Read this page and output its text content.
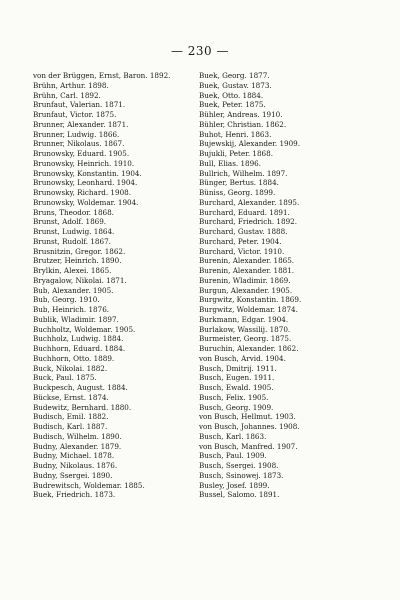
— 230 —
von der Brüggen, Ernst, Baron. 1892.
Brühn, Arthur. 1898.
Brühn, Carl. 1892.
Brunfaut, Valerian. 1871.
Brunfaut, Victor. 1875.
Brunner, Alexander. 1871.
Brunner, Ludwig. 1866.
Brunner, Nikolaus. 1867.
Brunowsky, Eduard. 1905.
Brunowsky, Heinrich. 1910.
Brunowsky, Konstantin. 1904.
Brunowsky, Leonhard. 1904.
Brunowsky, Richard. 1908.
Brunowsky, Woldemar. 1904.
Bruns, Theodor. 1868.
Brunst, Adolf. 1869.
Brunst, Ludwig. 1864.
Brunst, Rudolf. 1867.
Brusnitzin, Gregor. 1862.
Brutzer, Heinrich. 1890.
Brylkin, Alexei. 1865.
Bryagalow, Nikolai. 1871.
Bub, Alexander. 1905.
Bub, Georg. 1910.
Bub, Heinrich. 1876.
Bublik, Wladimir. 1897.
Buchholtz, Woldemar. 1905.
Buchholz, Ludwig. 1884.
Buchhorn, Eduard. 1884.
Buchhorn, Otto. 1889.
Buck, Nikolai. 1882.
Buck, Paul. 1875.
Buckpesch, August. 1884.
Bückse, Ernst. 1874.
Budewitz, Bernhard. 1880.
Budisch, Emil. 1882.
Budisch, Karl. 1887.
Budisch, Wilhelm. 1890.
Budny, Alexander. 1879.
Budny, Michael. 1878.
Budny, Nikolaus. 1876.
Budny, Ssergei. 1890.
Budrewitsch, Woldemar. 1885.
Buek, Friedrich. 1873.
Buek, Georg. 1877.
Buek, Gustav. 1873.
Buek, Otto. 1884.
Buek, Peter. 1875.
Bühler, Andreas. 1910.
Bühler, Christian. 1862.
Buhot, Henri. 1863.
Bujewskij, Alexander. 1909.
Bujukli, Peter. 1868.
Bull, Elias. 1896.
Bullrich, Wilhelm. 1897.
Bünger, Bertus. 1884.
Büniss, Georg. 1899.
Burchard, Alexander. 1895.
Burchard, Eduard. 1891.
Burchard, Friedrich. 1892.
Burchard, Gustav. 1888.
Burchard, Peter. 1904.
Burchard, Victor. 1910.
Burenin, Alexander. 1865.
Burenin, Alexander. 1881.
Burenin, Wladimir. 1869.
Burgun, Alexander. 1905.
Burgwitz, Konstantin. 1869.
Burgwitz, Woldemar. 1874.
Burkmann, Edgar. 1904.
Burlakow, Wassilij. 1870.
Burmeister, Georg. 1875.
Buruchin, Alexander. 1862.
von Busch, Arvid. 1904.
Busch, Dmitrij. 1911.
Busch, Eugen. 1911.
Busch, Ewald. 1905.
Busch, Felix. 1905.
Busch, Georg. 1909.
von Busch, Hellmut. 1903.
von Busch, Johannes. 1908.
Busch, Karl. 1863.
von Busch, Manfred. 1907.
Busch, Paul. 1909.
Busch, Ssergei. 1908.
Busch, Ssinowej. 1873.
Busley, Josef. 1899.
Bussel, Salomo. 1891.
